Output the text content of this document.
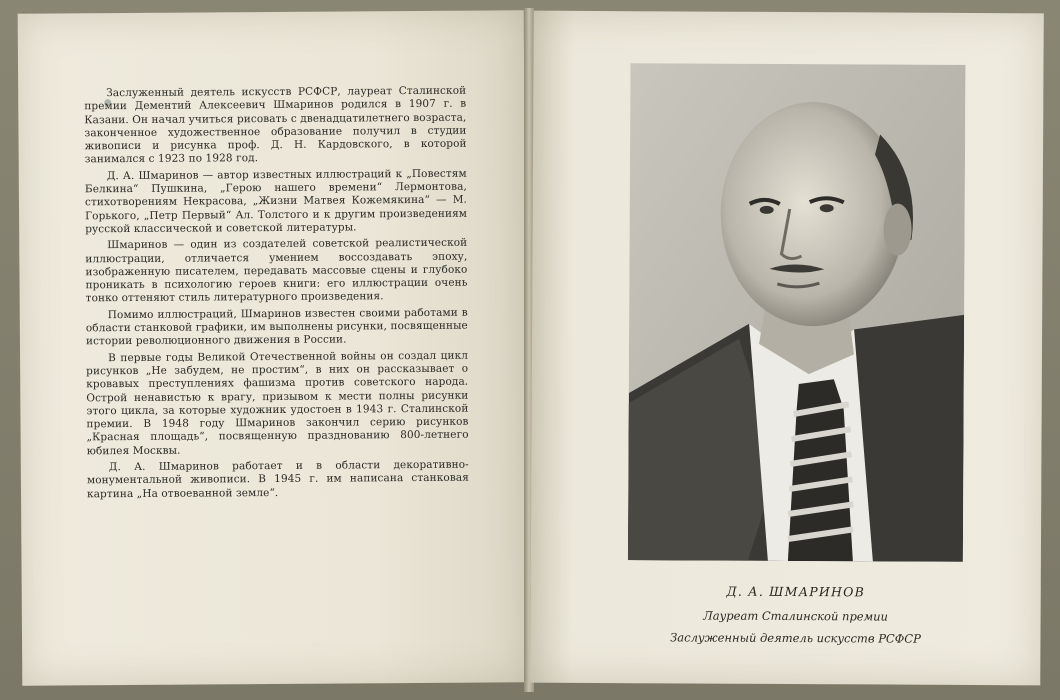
Заслуженный деятель искусств РСФСР, лауреат Сталинской премии Дементий Алексеевич Шмаринов родился в 1907 г. в Казани. Он начал учиться рисовать с двенадцатилетнего возраста, законченное художественное образование получил в студии живописи и рисунка проф. Д. Н. Кардовского, в которой занимался с 1923 по 1928 год.

Д. А. Шмаринов — автор известных иллюстраций к „Повестям Белкина“ Пушкина, „Герою нашего времени“ Лермонтова, стихотворениям Некрасова, „Жизни Матвея Кожемякина“ — М. Горького, „Петр Первый“ Ал. Толстого и к другим произведениям русской классической и советской литературы.

Шмаринов — один из создателей советской реалистической иллюстрации, отличается умением воссоздавать эпоху, изображенную писателем, передавать массовые сцены и глубоко проникать в психологию героев книги: его иллюстрации очень тонко оттеняют стиль литературного произведения.

Помимо иллюстраций, Шмаринов известен своими работами в области станковой графики, им выполнены рисунки, посвященные истории революционного движения в России.

В первые годы Великой Отечественной войны он создал цикл рисунков „Не забудем, не простим“, в них он рассказывает о кровавых преступлениях фашизма против советского народа. Острой ненавистью к врагу, призывом к мести полны рисунки этого цикла, за которые художник удостоен в 1943 г. Сталинской премии. В 1948 году Шмаринов закончил серию рисунков „Красная площадь“, посвященную празднованию 800-летнего юбилея Москвы.

Д. А. Шмаринов работает и в области декоративно-монументальной живописи. В 1945 г. им написана станковая картина „На отвоеванной земле“.

Д. А. ШМАРИНОВ
Лауреат Сталинской премии
Заслуженный деятель искусств РСФСР
